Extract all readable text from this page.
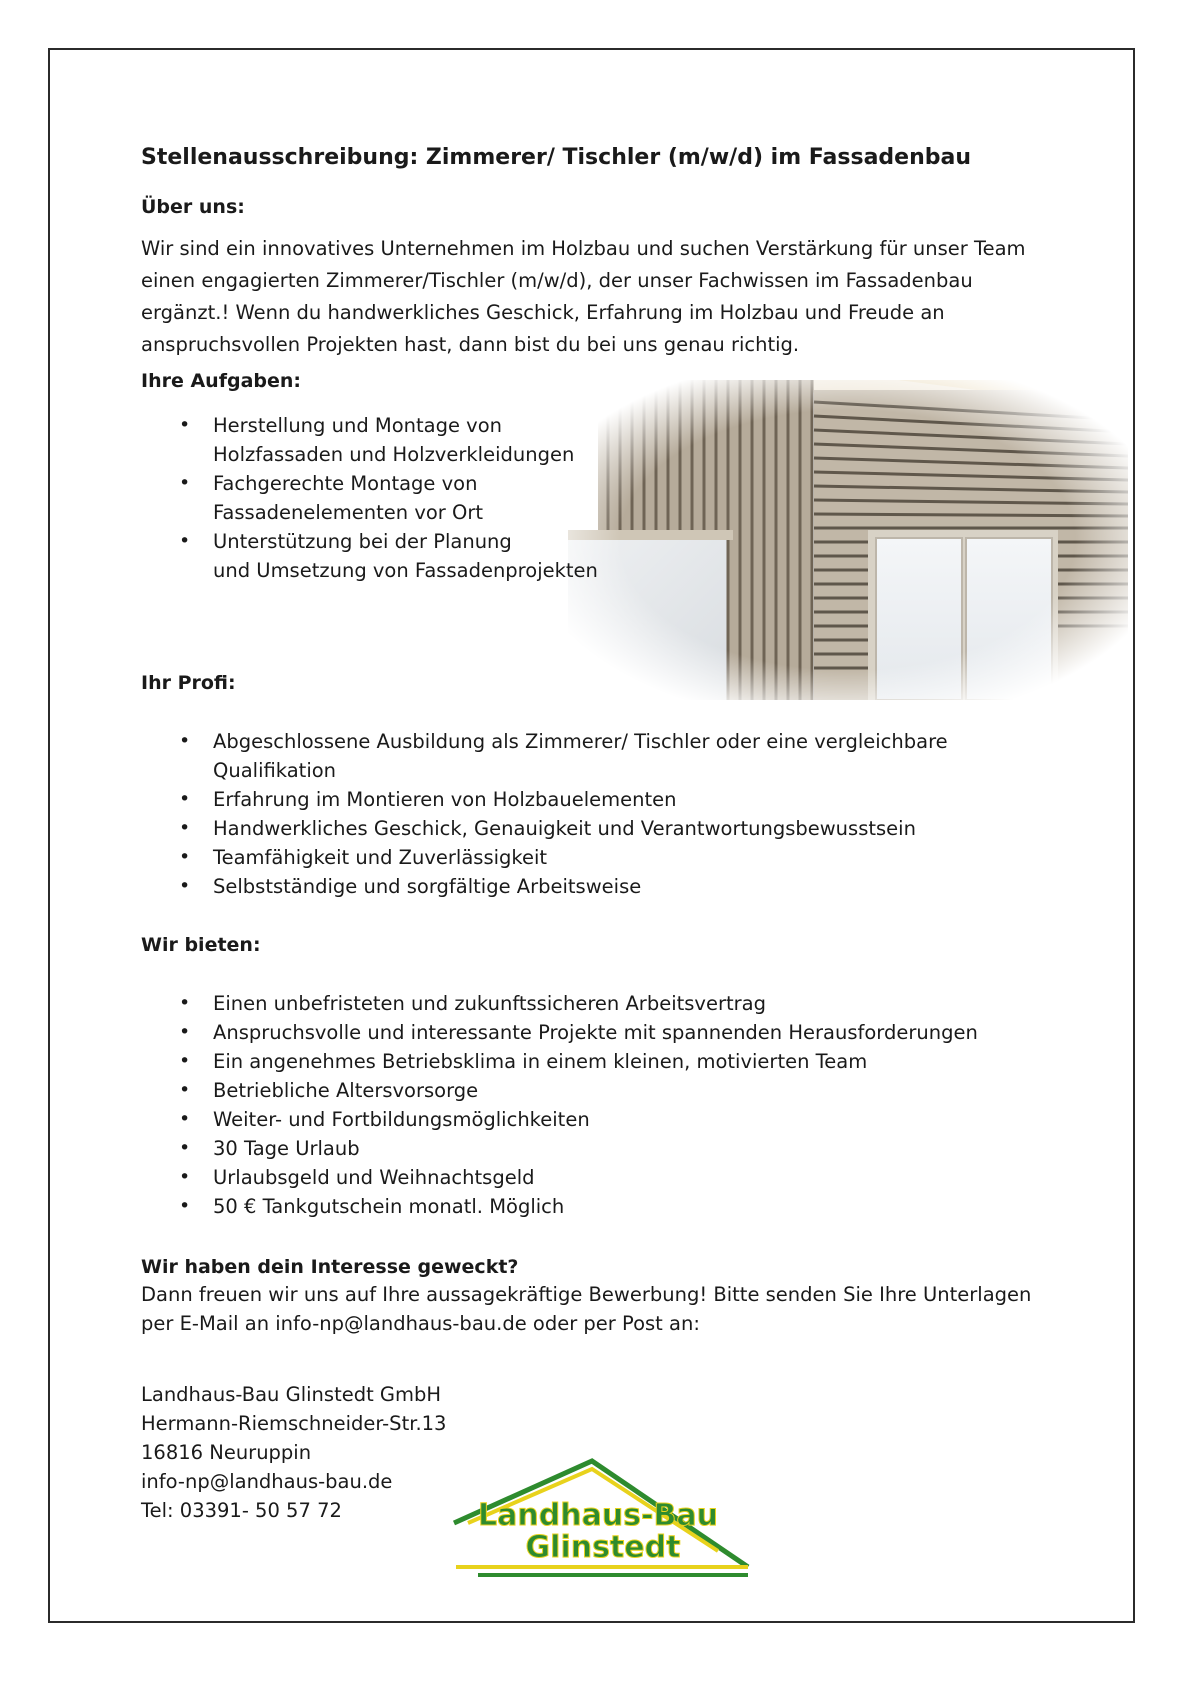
Stellenausschreibung: Zimmerer/ Tischler (m/w/d) im Fassadenbau
Über uns:
Wir sind ein innovatives Unternehmen im Holzbau und suchen Verstärkung für unser Team
einen engagierten Zimmerer/Tischler (m/w/d), der unser Fachwissen im Fassadenbau
ergänzt.! Wenn du handwerkliches Geschick, Erfahrung im Holzbau und Freude an
anspruchsvollen Projekten hast, dann bist du bei uns genau richtig.
Ihre Aufgaben:
• Herstellung und Montage von
Holzfassaden und Holzverkleidungen
• Fachgerechte Montage von
Fassadenelementen vor Ort
• Unterstützung bei der Planung
und Umsetzung von Fassadenprojekten
Ihr Profi:
• Abgeschlossene Ausbildung als Zimmerer/ Tischler oder eine vergleichbare
Qualifikation
• Erfahrung im Montieren von Holzbauelementen
• Handwerkliches Geschick, Genauigkeit und Verantwortungsbewusstsein
• Teamfähigkeit und Zuverlässigkeit
• Selbstständige und sorgfältige Arbeitsweise
Wir bieten:
• Einen unbefristeten und zukunftssicheren Arbeitsvertrag
• Anspruchsvolle und interessante Projekte mit spannenden Herausforderungen
• Ein angenehmes Betriebsklima in einem kleinen, motivierten Team
• Betriebliche Altersvorsorge
• Weiter- und Fortbildungsmöglichkeiten
• 30 Tage Urlaub
• Urlaubsgeld und Weihnachtsgeld
• 50 € Tankgutschein monatl. Möglich
Wir haben dein Interesse geweckt?
Dann freuen wir uns auf Ihre aussagekräftige Bewerbung! Bitte senden Sie Ihre Unterlagen
per E-Mail an info-np@landhaus-bau.de oder per Post an:
Landhaus-Bau Glinstedt GmbH
Hermann-Riemschneider-Str.13
16816 Neuruppin
info-np@landhaus-bau.de
Tel: 03391- 50 57 72	Landhaus-Bau
Glinstedt
